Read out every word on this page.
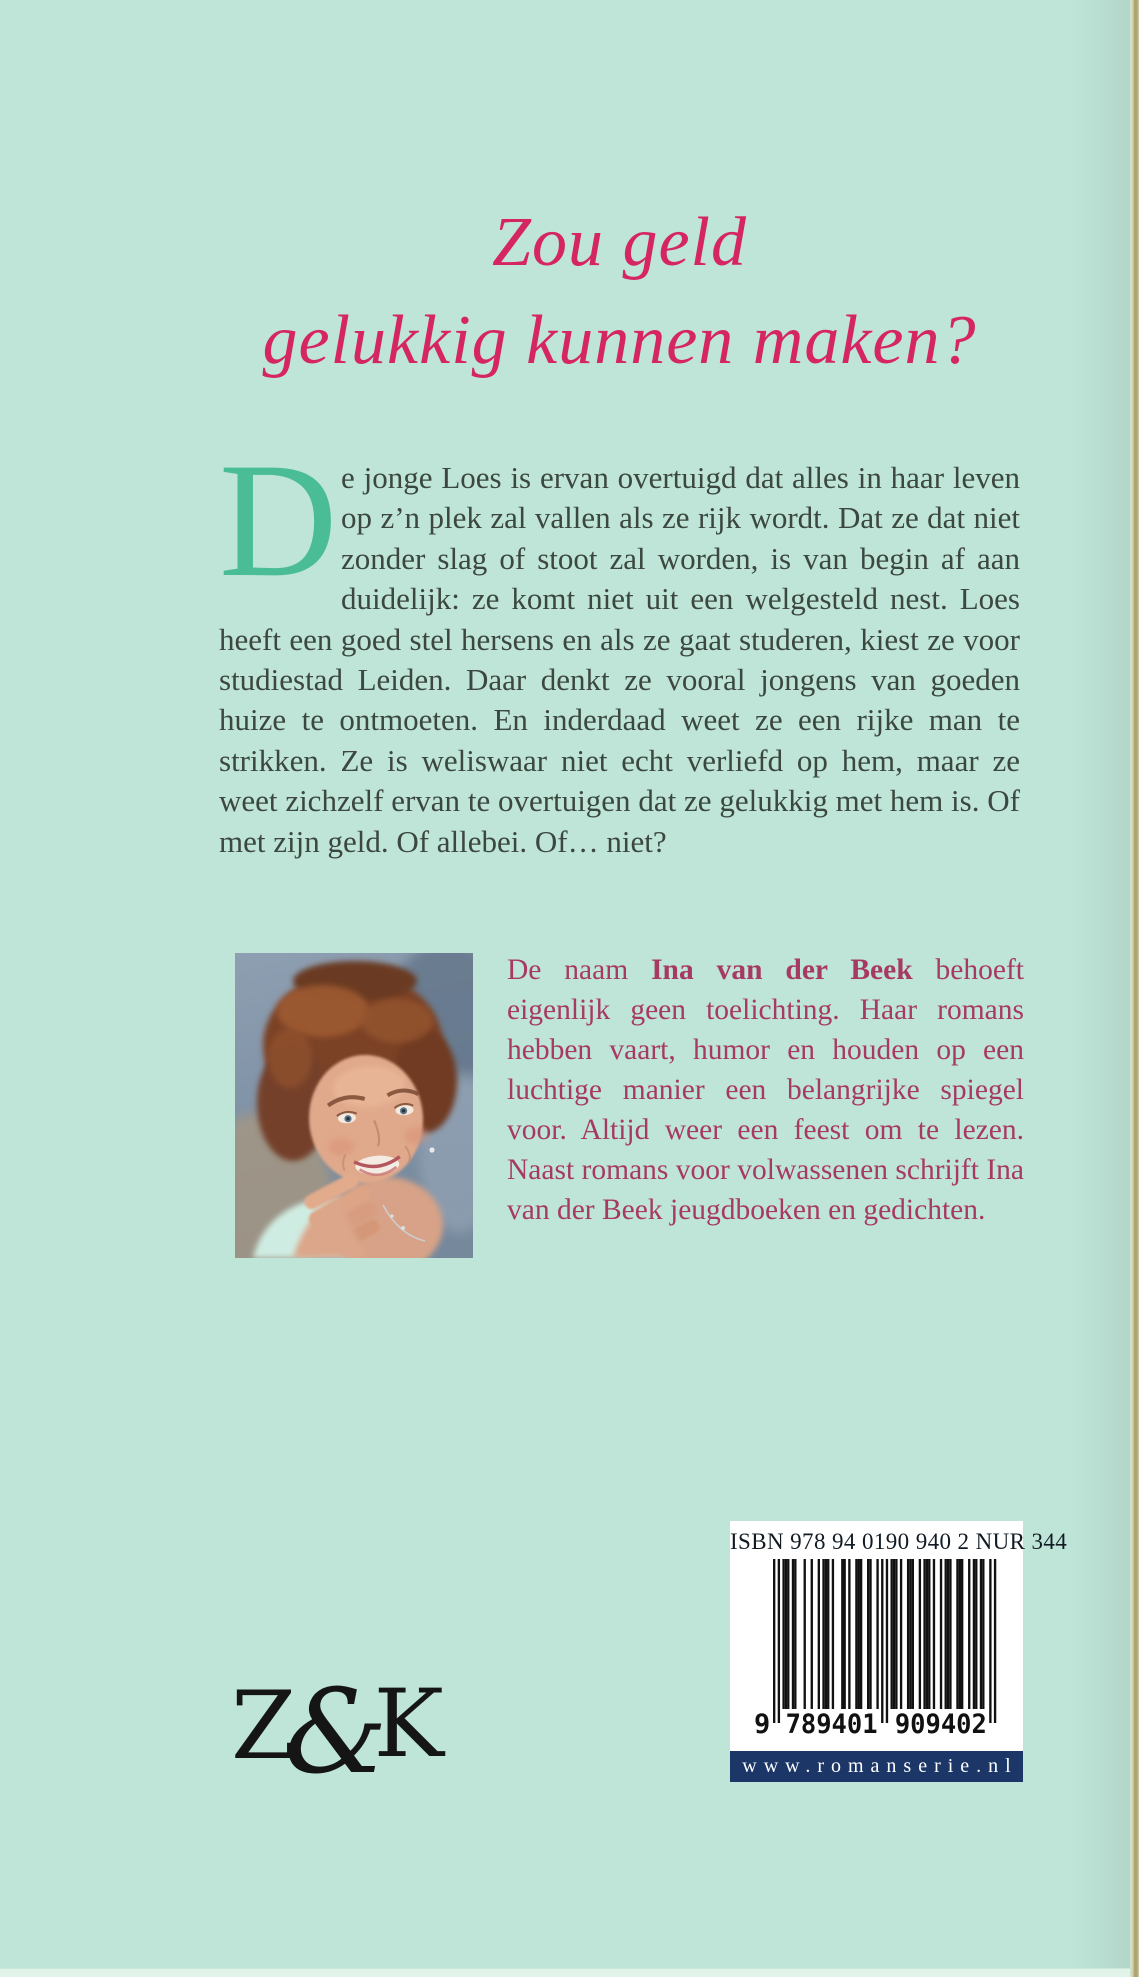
Zou geld
gelukkig kunnen maken?
De jonge Loes is ervan overtuigd dat alles in haar leven op z’n plek zal vallen als ze rijk wordt. Dat ze dat niet zonder slag of stoot zal worden, is van begin af aan duidelijk: ze komt niet uit een welgesteld nest. Loes heeft een goed stel hersens en als ze gaat studeren, kiest ze voor studiestad Leiden. Daar denkt ze vooral jongens van goeden huize te ontmoeten. En inderdaad weet ze een rijke man te strikken. Ze is weliswaar niet echt verliefd op hem, maar ze weet zichzelf ervan te overtuigen dat ze gelukkig met hem is. Of met zijn geld. Of allebei. Of… niet?
De naam Ina van der Beek behoeft eigenlijk geen toelichting. Haar romans hebben vaart, humor en houden op een luchtige manier een belangrijke spiegel voor. Altijd weer een feest om te lezen. Naast romans voor volwassenen schrijft Ina van der Beek jeugdboeken en gedichten.
Z&K
ISBN 978 94 0190 940 2 NUR 344
9 789401 909402
www.romanserie.nl
